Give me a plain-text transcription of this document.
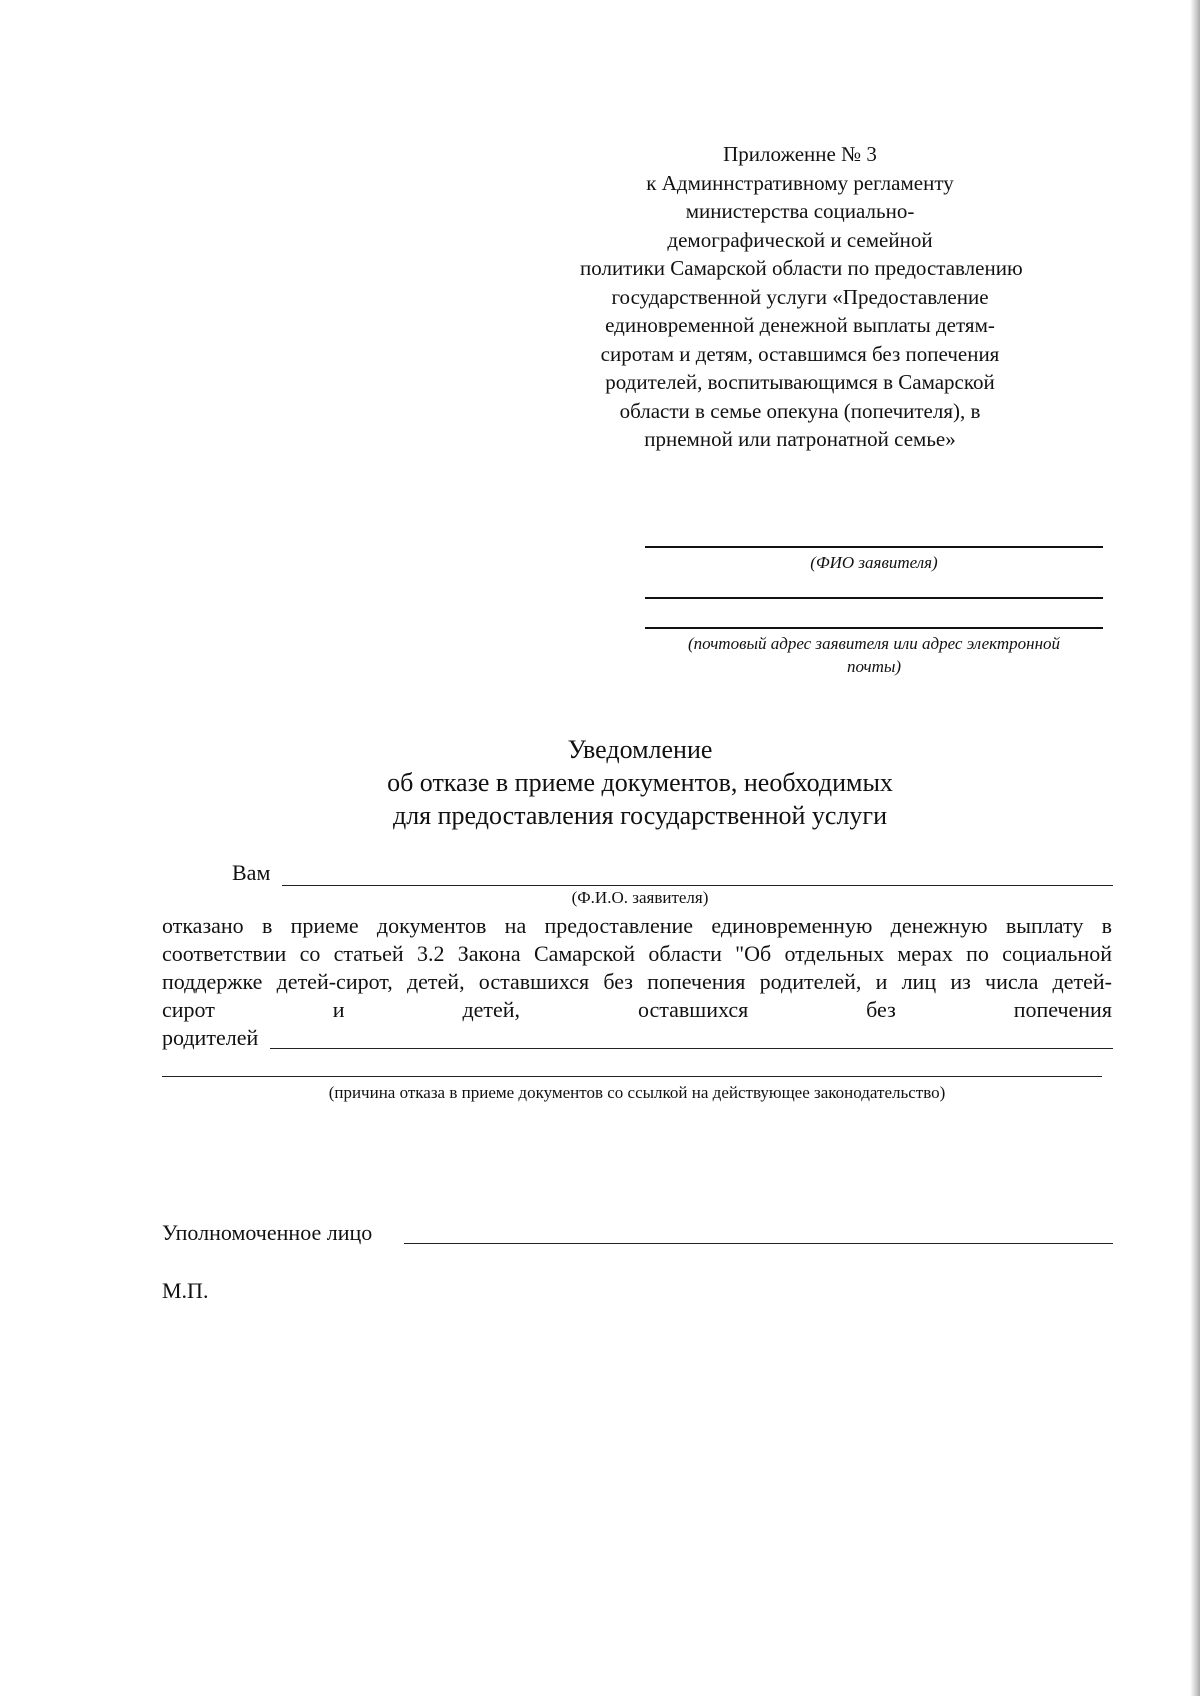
Приложенне № 3
к Админнстративному регламенту
министерства социально-
демографической и семейной
политики Самарской области по предоставлению
государственной услуги «Предоставление
единовременной денежной выплаты детям-
сиротам и детям, оставшимся без попечения
родителей, воспитывающимся в Самарской
области в семье опекуна (попечителя), в
прнемной или патронатной семье»
(ФИО заявителя)
(почтовый адрес заявителя или адрес электронной
почты)
Уведомление
об отказе в приеме документов, необходимых
для предоставления государственной услуги
Вам
(Ф.И.О. заявителя)
отказано в приеме документов на предоставление единовременную денежную выплату в
соответствии со статьей 3.2 Закона Самарской области "Об отдельных мерах по социальной
поддержке детей-сирот, детей, оставшихся без попечения родителей, и лиц из числа детей-
сирот	и	детей,	оставшихся	без	попечения
родителей
(причина отказа в приеме документов со ссылкой на действующее законодательство)
Уполномоченное лицо
М.П.
